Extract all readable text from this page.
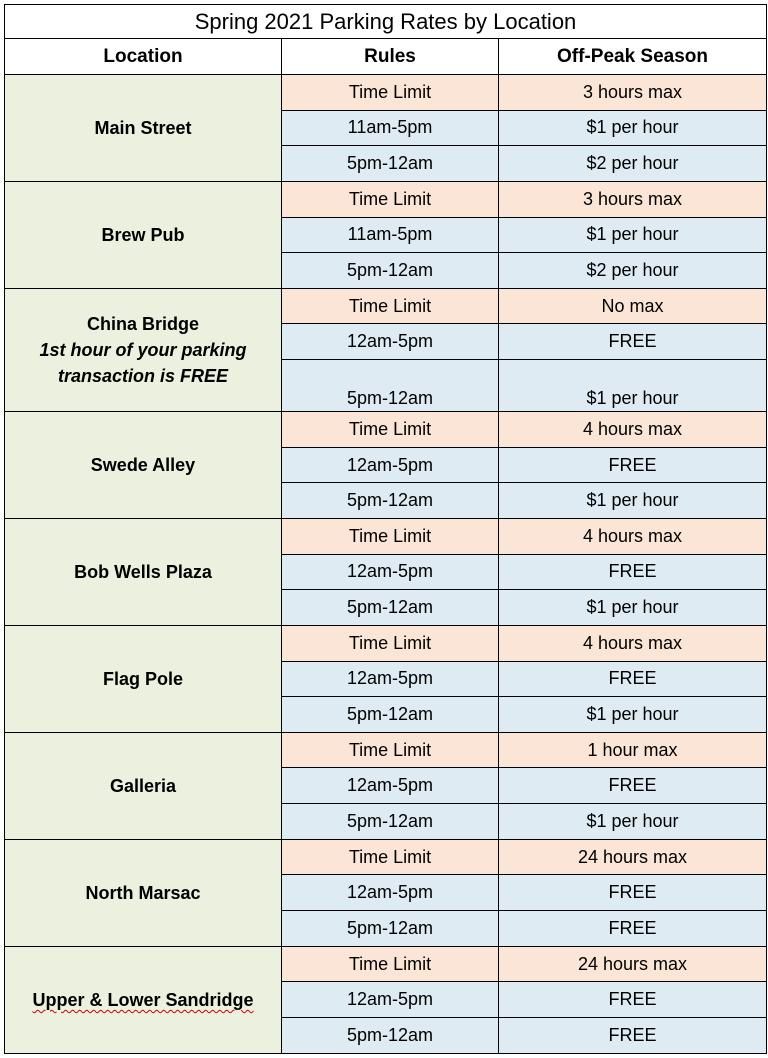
Spring 2021 Parking Rates by Location		
Location	Rules	Off-Peak Season
Main Street	Time Limit	3 hours max
	11am-5pm	$1 per hour
	5pm-12am	$2 per hour
Brew Pub	Time Limit	3 hours max
	11am-5pm	$1 per hour
	5pm-12am	$2 per hour
China Bridge
1st hour of your parking transaction is FREE	Time Limit	No max
	12am-5pm	FREE
	5pm-12am	$1 per hour
Swede Alley	Time Limit	4 hours max
	12am-5pm	FREE
	5pm-12am	$1 per hour
Bob Wells Plaza	Time Limit	4 hours max
	12am-5pm	FREE
	5pm-12am	$1 per hour
Flag Pole	Time Limit	4 hours max
	12am-5pm	FREE
	5pm-12am	$1 per hour
Galleria	Time Limit	1 hour max
	12am-5pm	FREE
	5pm-12am	$1 per hour
North Marsac	Time Limit	24 hours max
	12am-5pm	FREE
	5pm-12am	FREE
Upper & Lower Sandridge	Time Limit	24 hours max
	12am-5pm	FREE
	5pm-12am	FREE
